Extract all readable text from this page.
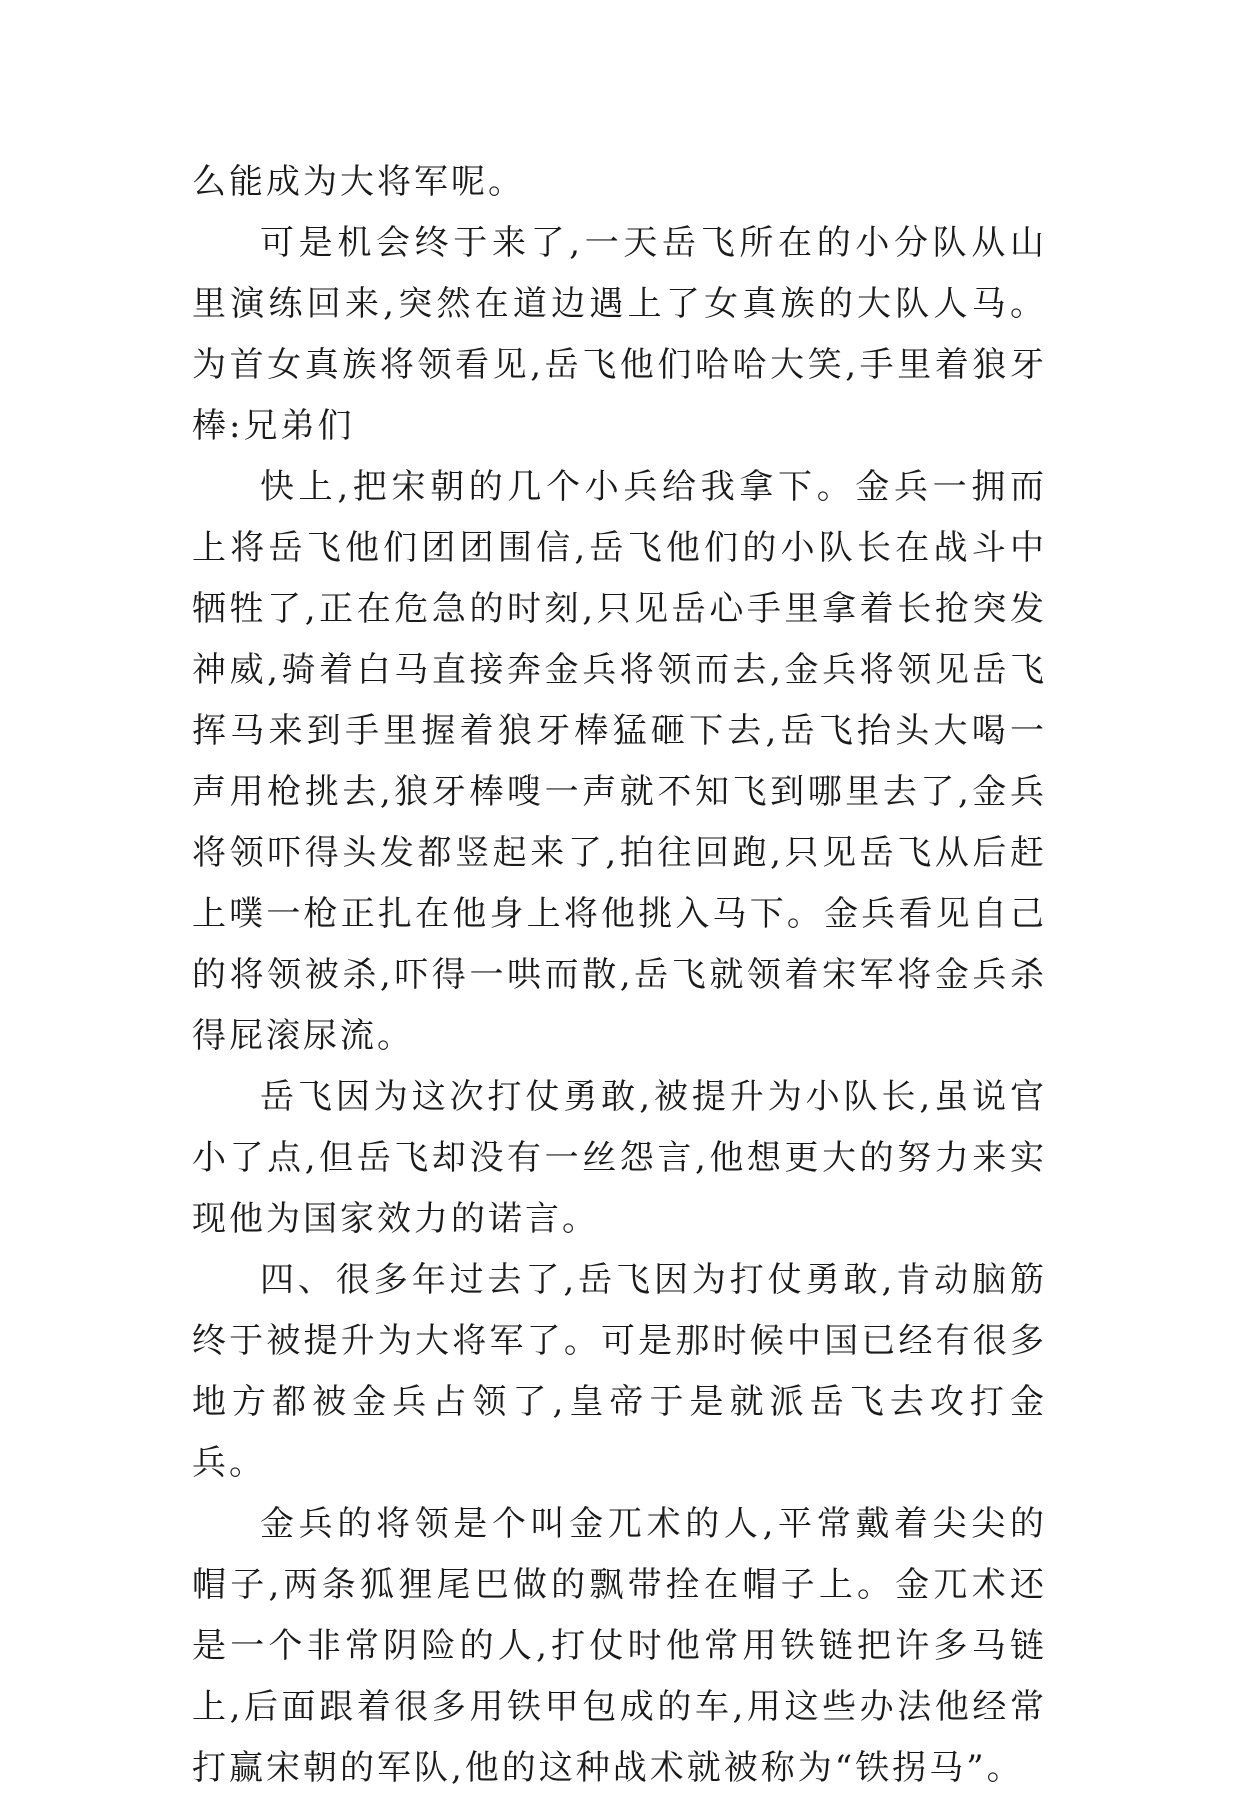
么能成为大将军呢。

可是机会终于来了,一天岳飞所在的小分队从山里演练回来,突然在道边遇上了女真族的大队人马。为首女真族将领看见,岳飞他们哈哈大笑,手里着狼牙棒:兄弟们

快上,把宋朝的几个小兵给我拿下。金兵一拥而上将岳飞他们团团围信,岳飞他们的小队长在战斗中牺牲了,正在危急的时刻,只见岳心手里拿着长抢突发神威,骑着白马直接奔金兵将领而去,金兵将领见岳飞挥马来到手里握着狼牙棒猛砸下去,岳飞抬头大喝一声用枪挑去,狼牙棒嗖一声就不知飞到哪里去了,金兵将领吓得头发都竖起来了,拍往回跑,只见岳飞从后赶上噗一枪正扎在他身上将他挑入马下。金兵看见自己的将领被杀,吓得一哄而散,岳飞就领着宋军将金兵杀得屁滚尿流。

岳飞因为这次打仗勇敢,被提升为小队长,虽说官小了点,但岳飞却没有一丝怨言,他想更大的努力来实现他为国家效力的诺言。

四、很多年过去了,岳飞因为打仗勇敢,肯动脑筋终于被提升为大将军了。可是那时候中国已经有很多地方都被金兵占领了,皇帝于是就派岳飞去攻打金兵。

金兵的将领是个叫金兀术的人,平常戴着尖尖的帽子,两条狐狸尾巴做的飘带拴在帽子上。金兀术还是一个非常阴险的人,打仗时他常用铁链把许多马链上,后面跟着很多用铁甲包成的车,用这些办法他经常打赢宋朝的军队,他的这种战术就被称为“铁拐马”。
